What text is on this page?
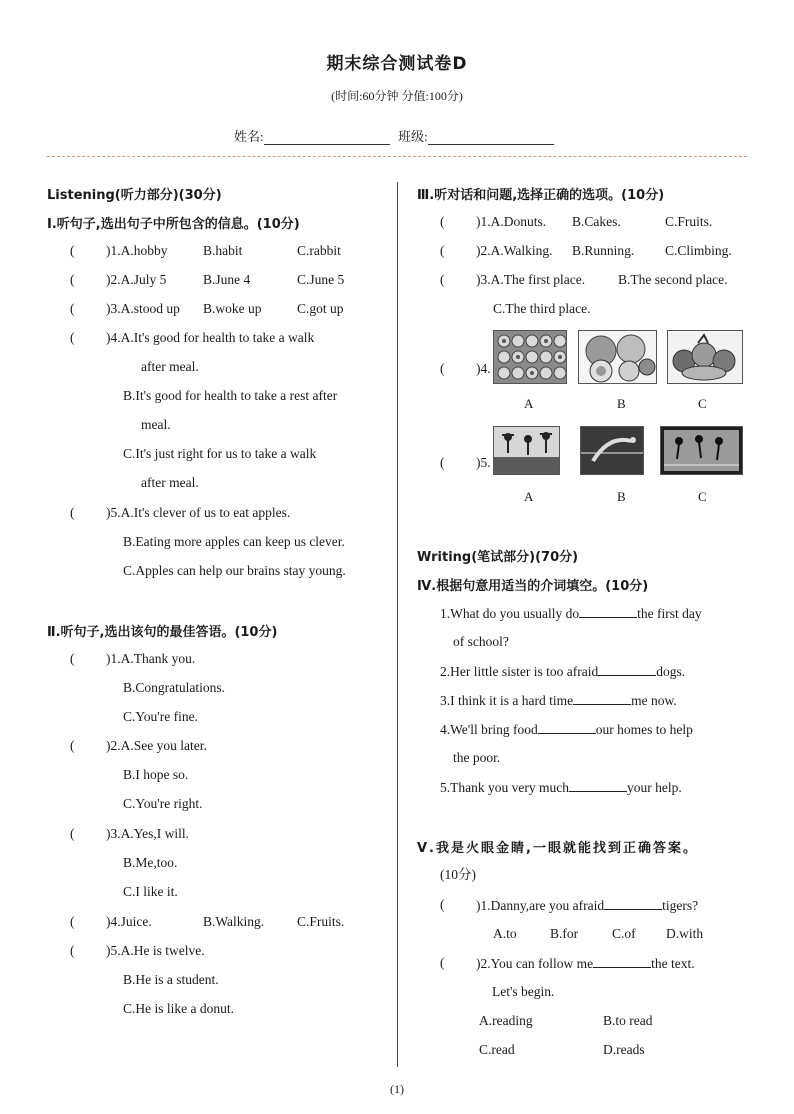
期末综合测试卷D
(时间:60分钟 分值:100分)
姓名:	班级:
Listening(听力部分)(30分)
Ⅰ.听句子,选出句子中所包含的信息。(10分)
( )1.A.hobby	B.habit	C.rabbit
( )2.A.July 5	B.June 4	C.June 5
( )3.A.stood up B.woke up	C.got up
( )4.A.It's good for health to take a walk
after meal.
B.It's good for health to take a rest after
meal.
C.It's just right for us to take a walk
after meal.
( )5.A.It's clever of us to eat apples.
B.Eating more apples can keep us clever.
C.Apples can help our brains stay young.
Ⅱ.听句子,选出该句的最佳答语。(10分)
( )1.A.Thank you.
B.Congratulations.
C.You're fine.
( )2.A.See you later.
B.I hope so.
C.You're right.
( )3.A.Yes,I will.
B.Me,too.
C.I like it.
( )4.Juice.	B.Walking. C.Fruits.
( )5.A.He is twelve.
B.He is a student.
C.He is like a donut.
Ⅲ.听对话和问题,选择正确的选项。(10分)
( )1.A.Donuts. B.Cakes.	C.Fruits.
( )2.A.Walking. B.Running. C.Climbing.
( )3.A.The first place. B.The second place.
C.The third place.
( )4.
A	B	C
( )5.
A	B	C
Writing(笔试部分)(70分)
Ⅳ.根据句意用适当的介词填空。(10分)
1.What do you usually do	the first day
of school?
2.Her little sister is too afraid	dogs.
3.I think it is a hard time	me now.
4.We'll bring food	our homes to help
the poor.
5.Thank you very much	your help.
Ⅴ.我是火眼金睛,一眼就能找到正确答案。
(10分)
( )1.Danny,are you afraid	tigers?
A.to B.for	C.of D.with
( )2.You can follow me	the text.
Let's begin.
A.reading	B.to read
C.read	D.reads
(1)
